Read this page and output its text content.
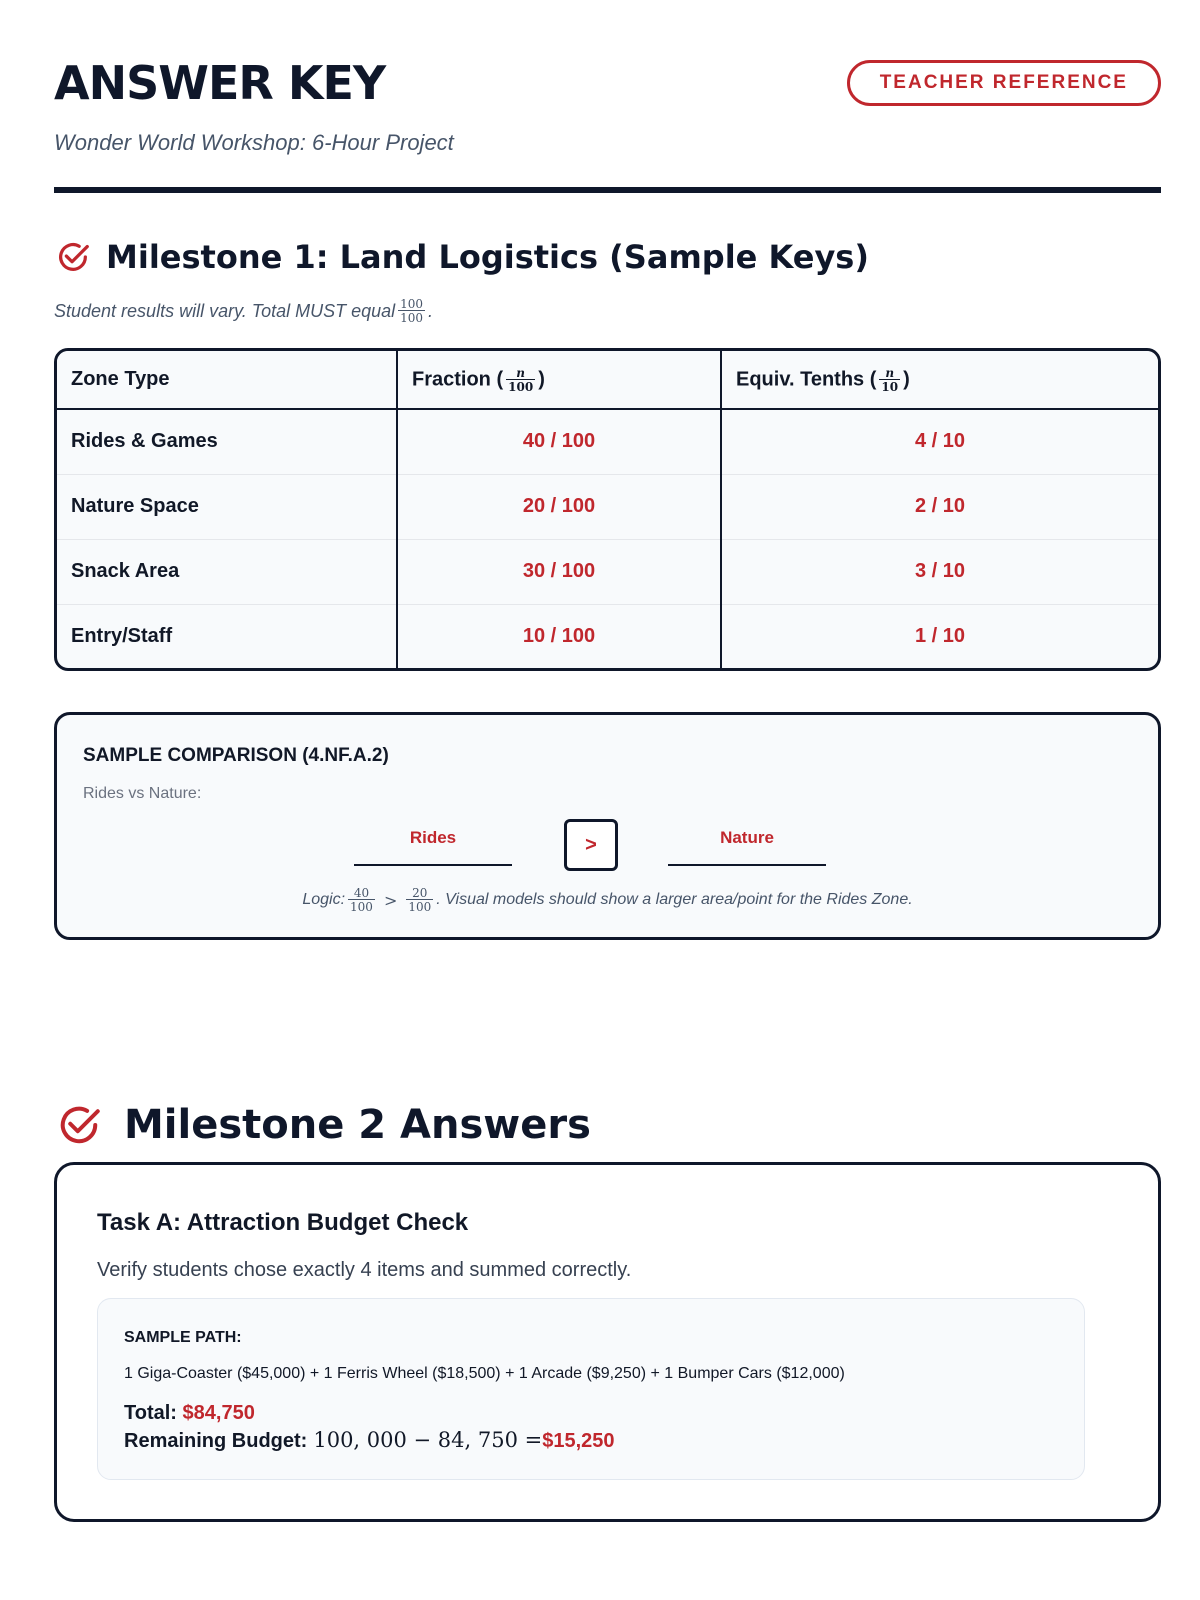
ANSWER KEY	TEACHER REFERENCE
Wonder World Workshop: 6-Hour Project
Milestone 1: Land Logistics (Sample Keys)
Student results will vary. Total MUST equal $\frac{100}{100}$ .
Zone Type	Fraction ( $\frac{n}{100}$ )	Equiv. Tenths ( $\frac{n}{10}$ )
Rides & Games	40 / 100	4 / 10
Nature Space	20 / 100	2 / 10
Snack Area	30 / 100	3 / 10
Entry/Staff	10 / 100	1 / 10
SAMPLE COMPARISON (4.NF.A.2)
Rides vs Nature:
Rides	>	Nature
Logic: $\frac{40}{100} > \frac{20}{100}$ . Visual models should show a larger area/point for the Rides Zone.
Milestone 2 Answers
Task A: Attraction Budget Check
Verify students chose exactly 4 items and summed correctly.
SAMPLE PATH:
1 Giga-Coaster ($45,000) + 1 Ferris Wheel ($18,500) + 1 Arcade ($9,250) + 1 Bumper Cars ($12,000)
Total: $84,750
Remaining Budget: 100, 000 − 84, 750 = $15,250
